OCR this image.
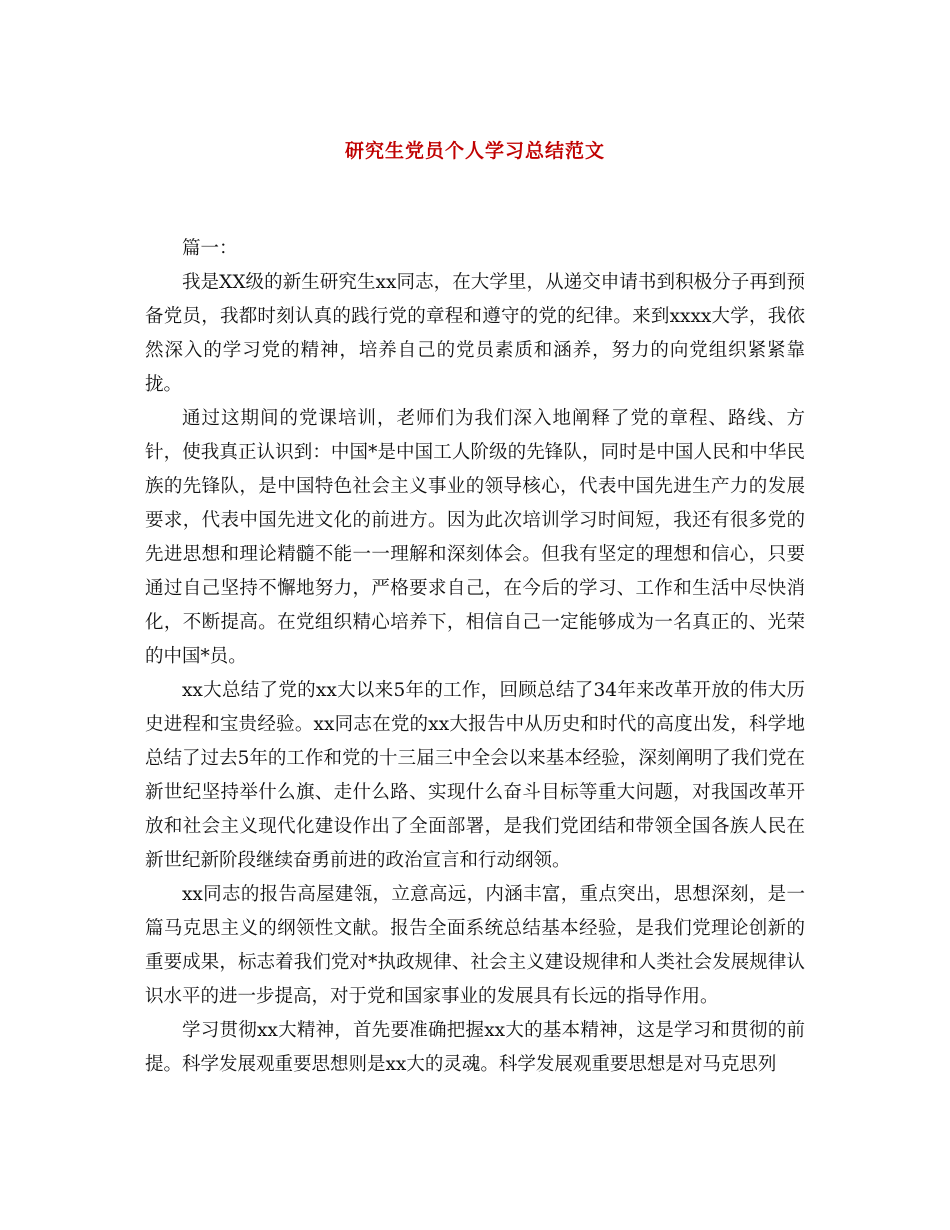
研究生党员个人学习总结范文

篇一：

我是XX级的新生研究生xx同志，在大学里，从递交申请书到积极分子再到预备党员，我都时刻认真的践行党的章程和遵守的党的纪律。来到xxxx大学，我依然深入的学习党的精神，培养自己的党员素质和涵养，努力的向党组织紧紧靠拢。

通过这期间的党课培训，老师们为我们深入地阐释了党的章程、路线、方针，使我真正认识到：中国*是中国工人阶级的先锋队，同时是中国人民和中华民族的先锋队，是中国特色社会主义事业的领导核心，代表中国先进生产力的发展要求，代表中国先进文化的前进方。因为此次培训学习时间短，我还有很多党的先进思想和理论精髓不能一一理解和深刻体会。但我有坚定的理想和信心，只要通过自己坚持不懈地努力，严格要求自己，在今后的学习、工作和生活中尽快消化，不断提高。在党组织精心培养下，相信自己一定能够成为一名真正的、光荣的中国*员。

xx大总结了党的xx大以来5年的工作，回顾总结了34年来改革开放的伟大历史进程和宝贵经验。xx同志在党的xx大报告中从历史和时代的高度出发，科学地总结了过去5年的工作和党的十三届三中全会以来基本经验，深刻阐明了我们党在新世纪坚持举什么旗、走什么路、实现什么奋斗目标等重大问题，对我国改革开放和社会主义现代化建设作出了全面部署，是我们党团结和带领全国各族人民在新世纪新阶段继续奋勇前进的政治宣言和行动纲领。

xx同志的报告高屋建瓴，立意高远，内涵丰富，重点突出，思想深刻，是一篇马克思主义的纲领性文献。报告全面系统总结基本经验，是我们党理论创新的重要成果，标志着我们党对*执政规律、社会主义建设规律和人类社会发展规律认识水平的进一步提高，对于党和国家事业的发展具有长远的指导作用。

学习贯彻xx大精神，首先要准确把握xx大的基本精神，这是学习和贯彻的前提。科学发展观重要思想则是xx大的灵魂。科学发展观重要思想是对马克思列
